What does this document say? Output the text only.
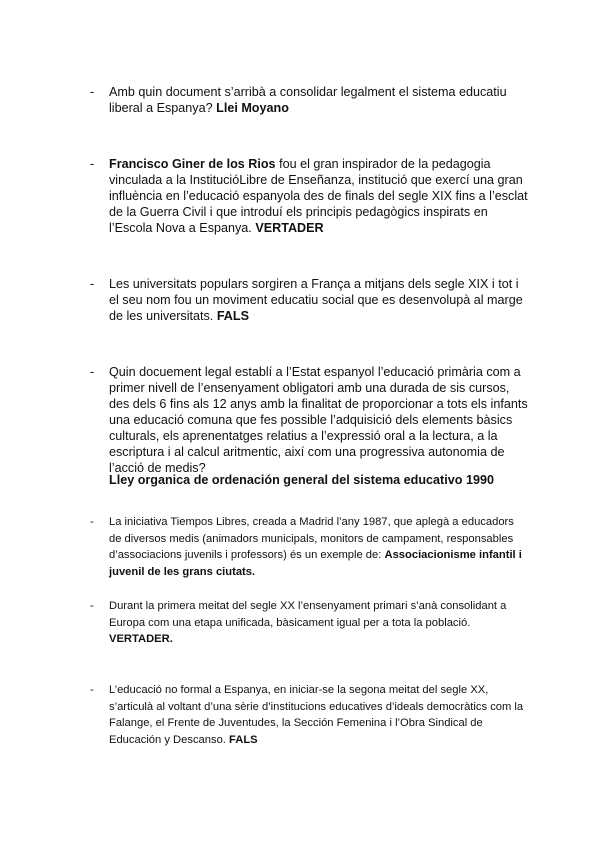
- Amb quin document s’arribà a consolidar legalment el sistema educatiu liberal a Espanya? Llei Moyano
- Francisco Giner de los Rios fou el gran inspirador de la pedagogia vinculada a la InstitucióLibre de Enseñanza, institució que exercí una gran influència en l’educació espanyola des de finals del segle XIX fins a l’esclat de la Guerra Civil i que introduí els principis pedagògics inspirats en l’Escola Nova a Espanya. VERTADER
- Les universitats populars sorgiren a França a mitjans dels segle XIX i tot i el seu nom fou un moviment educatiu social que es desenvolupà al marge de les universitats. FALS
- Quin docuement legal establí a l’Estat espanyol l’educació primària com a primer nivell de l’ensenyament obligatori amb una durada de sis cursos, des dels 6 fins als 12 anys amb la finalitat de proporcionar a tots els infants una educació comuna que fes possible l’adquisició dels elements bàsics culturals, els aprenentatges relatius a l’expressió oral a la lectura, a la escriptura i al calcul aritmentic, així com una progressiva autonomia de l’acció de medis?
Lley organica de ordenación general del sistema educativo 1990
- La iniciativa Tiempos Libres, creada a Madrid l’any 1987, que aplegà a educadors de diversos medis (animadors municipals, monitors de campament, responsables d’associacions juvenils i professors) és un exemple de: Associacionisme infantil i juvenil de les grans ciutats.
- Durant la primera meitat del segle XX l’ensenyament primari s’anà consolidant a Europa com una etapa unificada, bàsicament igual per a tota la població. VERTADER.
- L’educació no formal a Espanya, en iniciar-se la segona meitat del segle XX, s’articulà al voltant d’una sèrie d’institucions educatives d’ideals democràtics com la Falange, el Frente de Juventudes, la Sección Femenina i l’Obra Sindical de Educación y Descanso. FALS
